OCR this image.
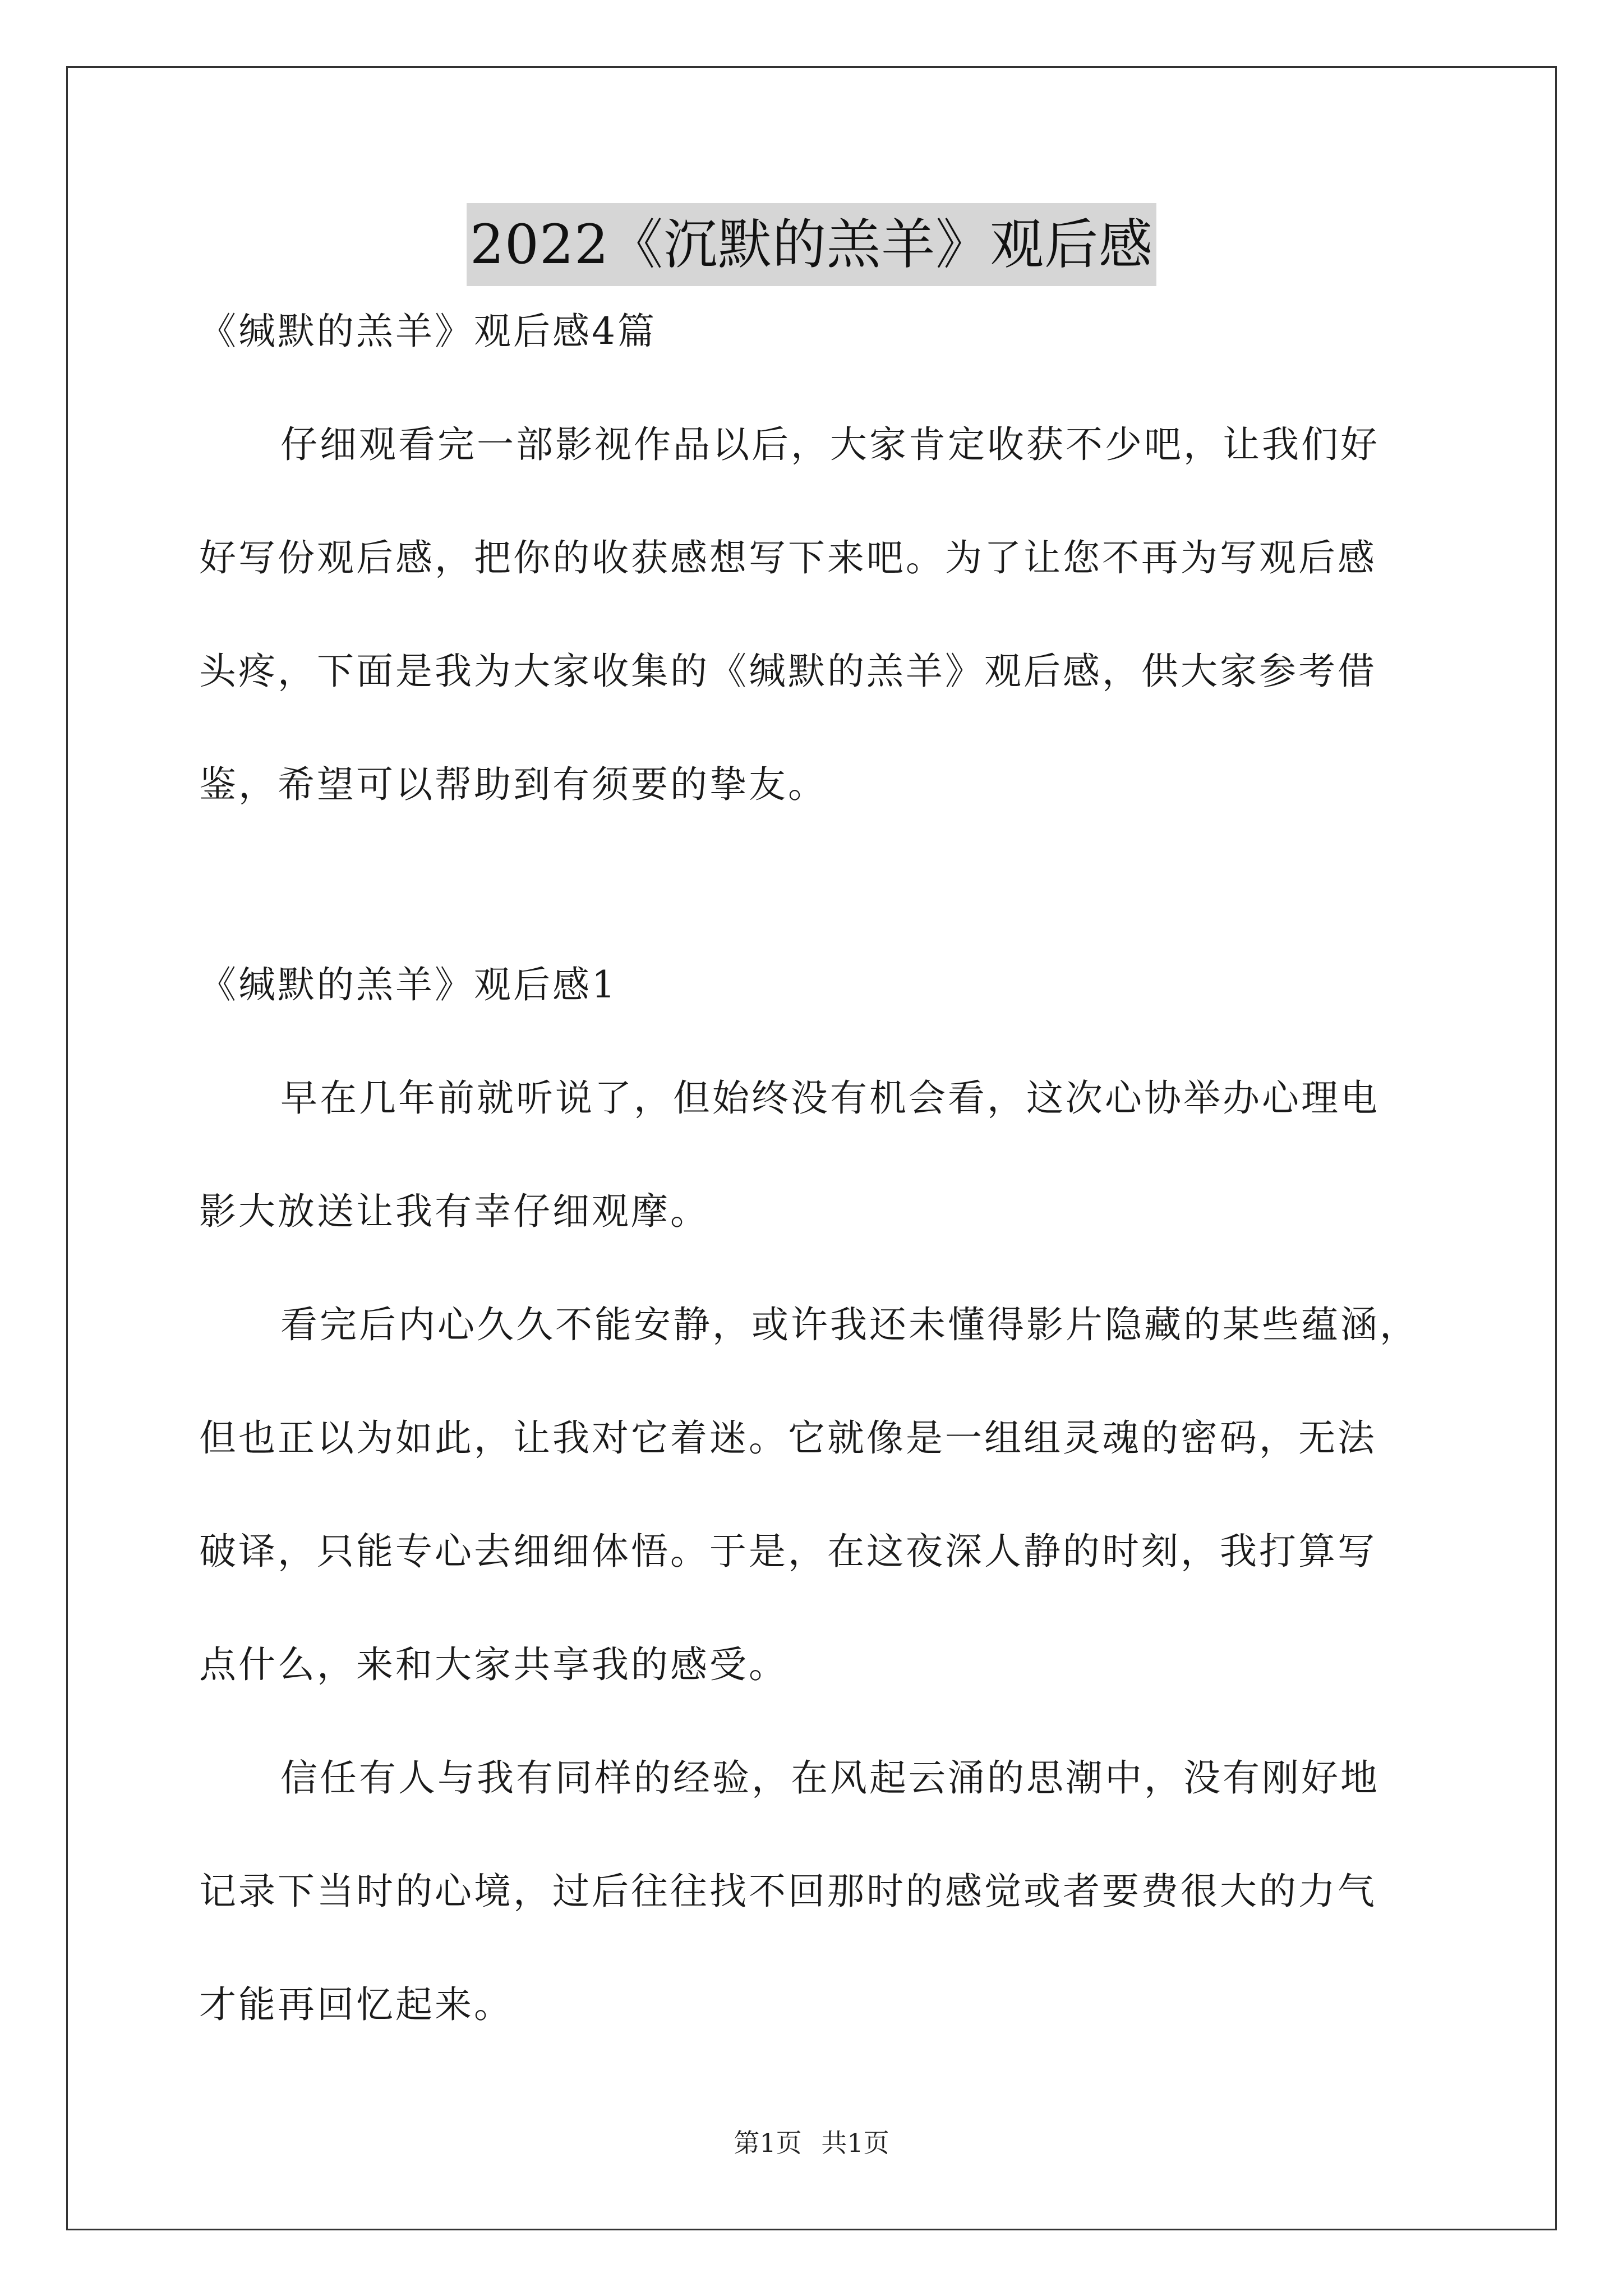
2022《沉默的羔羊》观后感
《缄默的羔羊》观后感4篇
仔细观看完一部影视作品以后，大家肯定收获不少吧，让我们好
好写份观后感，把你的收获感想写下来吧。为了让您不再为写观后感
头疼，下面是我为大家收集的《缄默的羔羊》观后感，供大家参考借
鉴，希望可以帮助到有须要的挚友。
《缄默的羔羊》观后感1
早在几年前就听说了，但始终没有机会看，这次心协举办心理电
影大放送让我有幸仔细观摩。
看完后内心久久不能安静，或许我还未懂得影片隐藏的某些蕴涵，
但也正以为如此，让我对它着迷。它就像是一组组灵魂的密码，无法
破译，只能专心去细细体悟。于是，在这夜深人静的时刻，我打算写
点什么，来和大家共享我的感受。
信任有人与我有同样的经验，在风起云涌的思潮中，没有刚好地
记录下当时的心境，过后往往找不回那时的感觉或者要费很大的力气
才能再回忆起来。
第1页 共1页
